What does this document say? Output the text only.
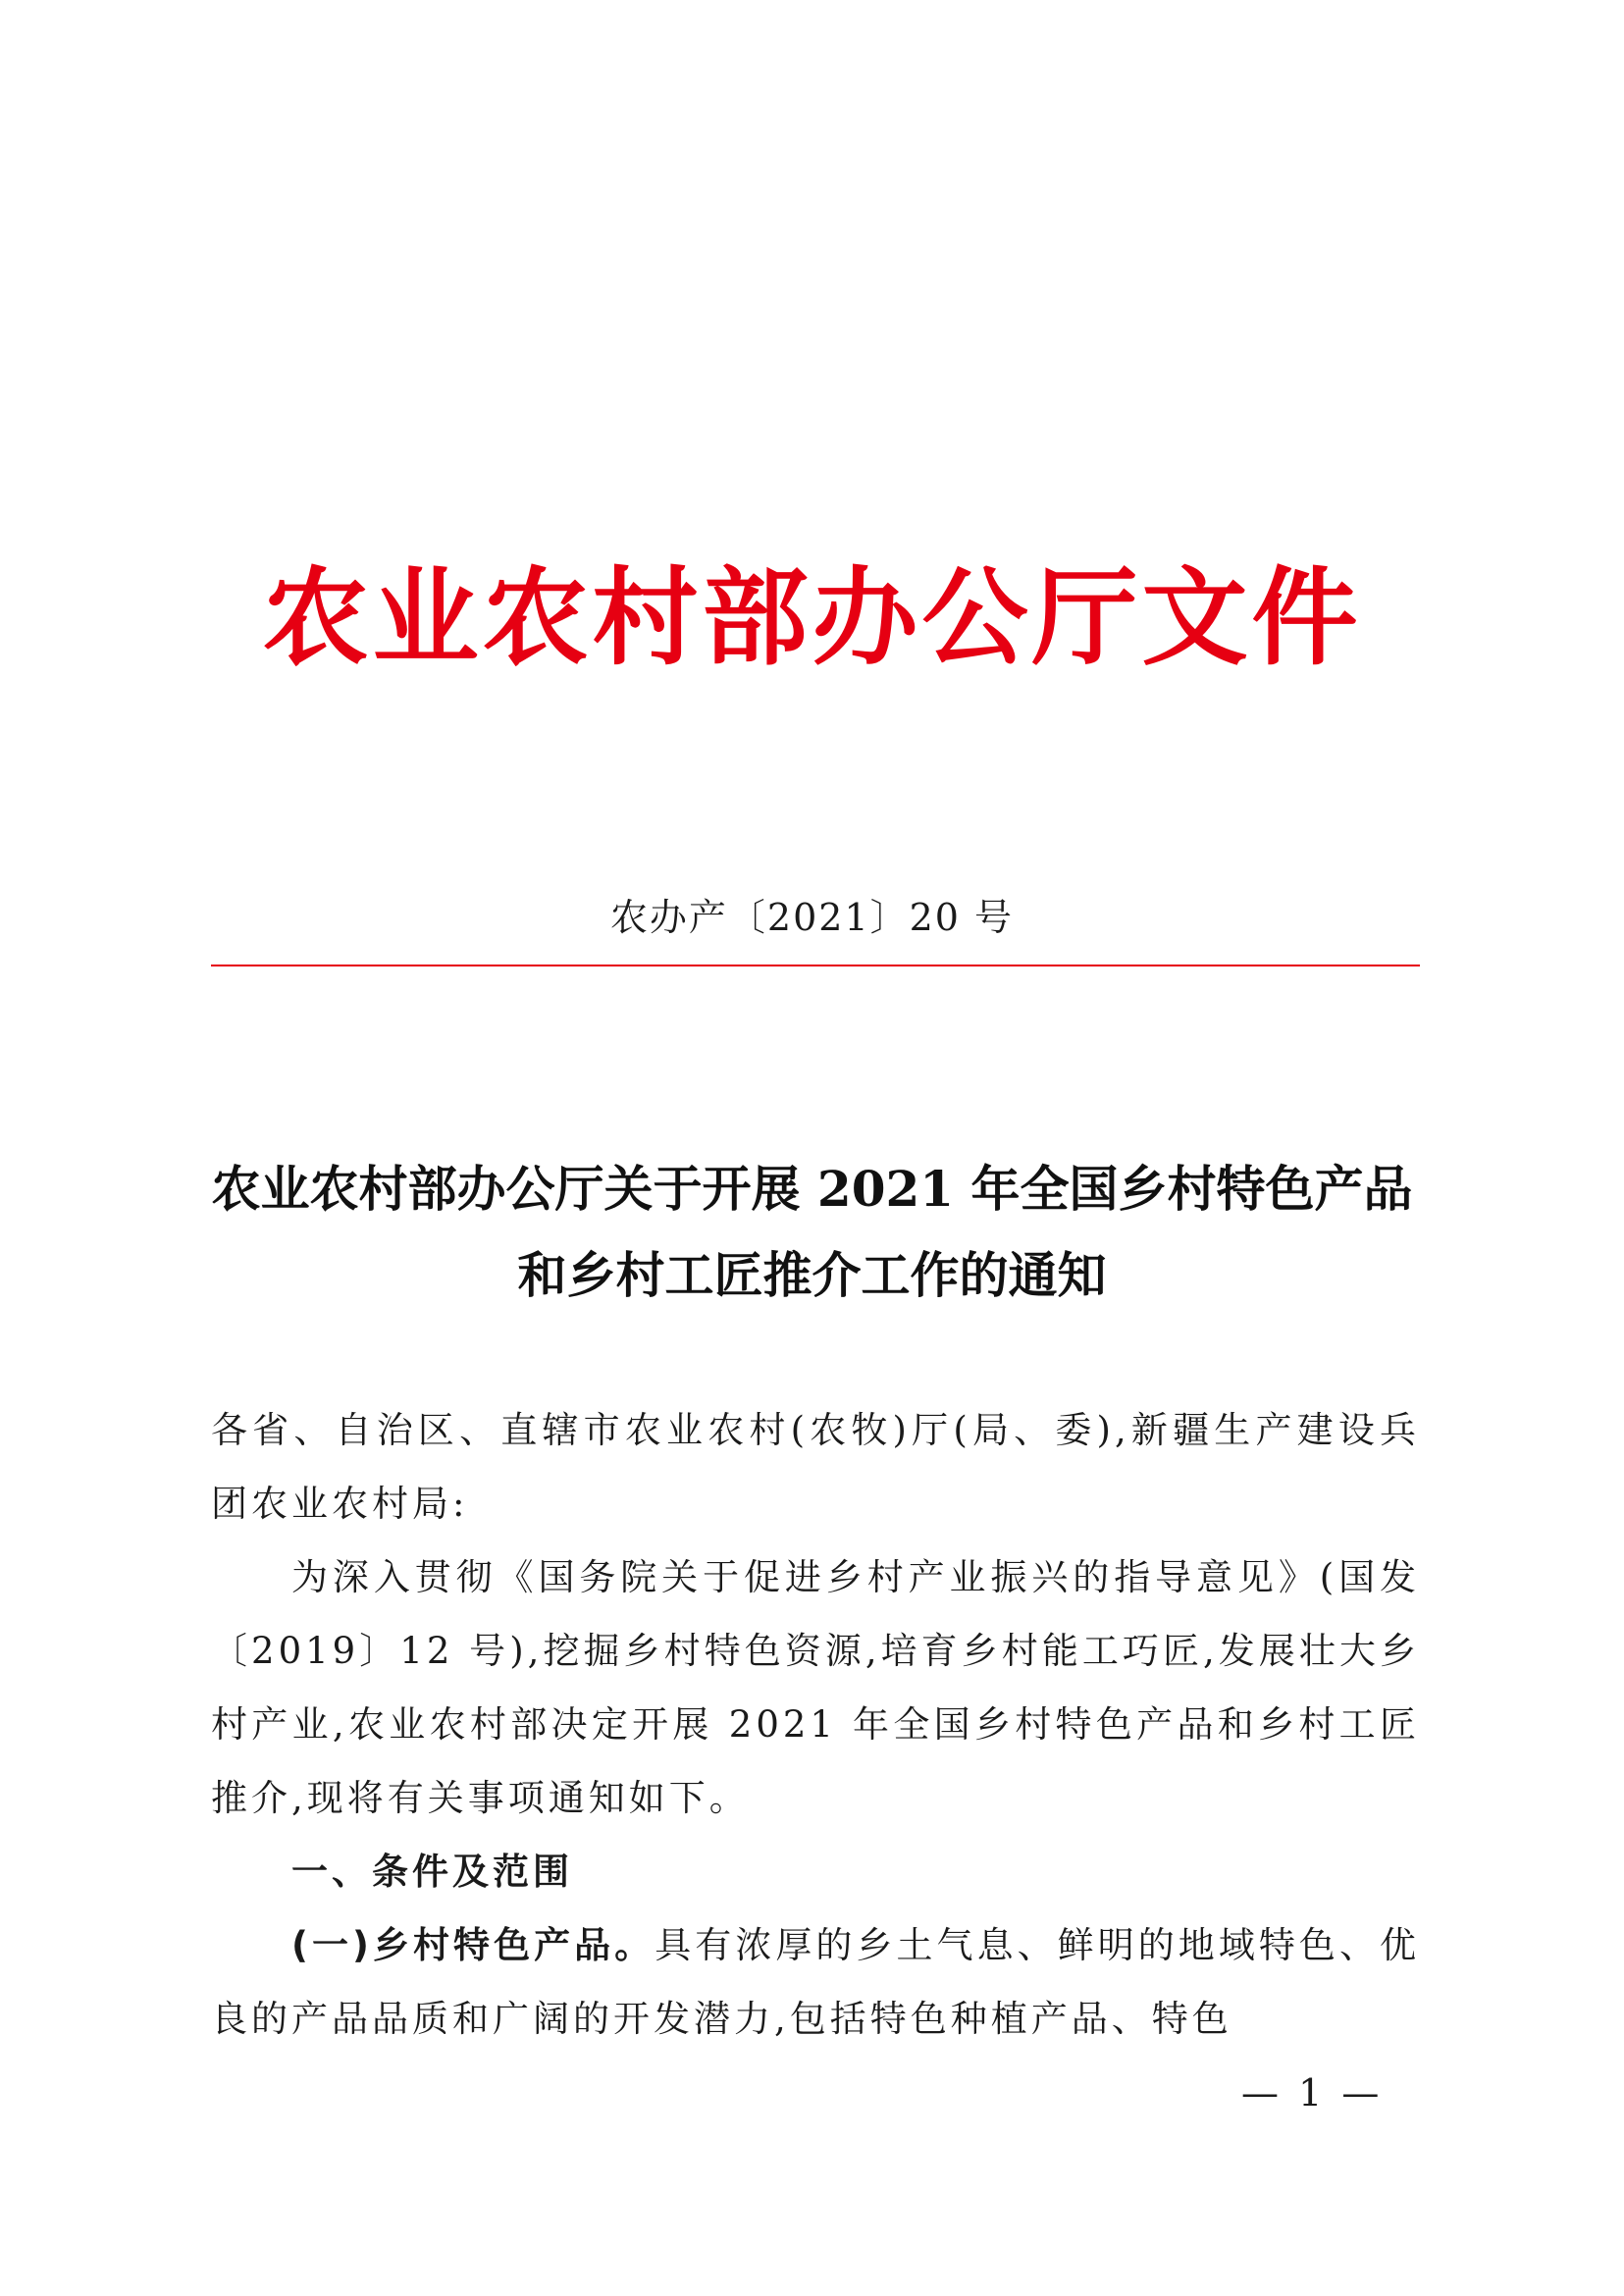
农业农村部办公厅文件
农办产〔2021〕20 号
农业农村部办公厅关于开展 2021 年全国乡村特色产品
和乡村工匠推介工作的通知

各省、自治区、直辖市农业农村(农牧)厅(局、委),新疆生产建设兵团农业农村局:

为深入贯彻《国务院关于促进乡村产业振兴的指导意见》(国发〔2019〕12 号),挖掘乡村特色资源,培育乡村能工巧匠,发展壮大乡村产业,农业农村部决定开展 2021 年全国乡村特色产品和乡村工匠推介,现将有关事项通知如下。

一、条件及范围

(一)乡村特色产品。具有浓厚的乡土气息、鲜明的地域特色、优良的产品品质和广阔的开发潜力,包括特色种植产品、特色

— 1 —
